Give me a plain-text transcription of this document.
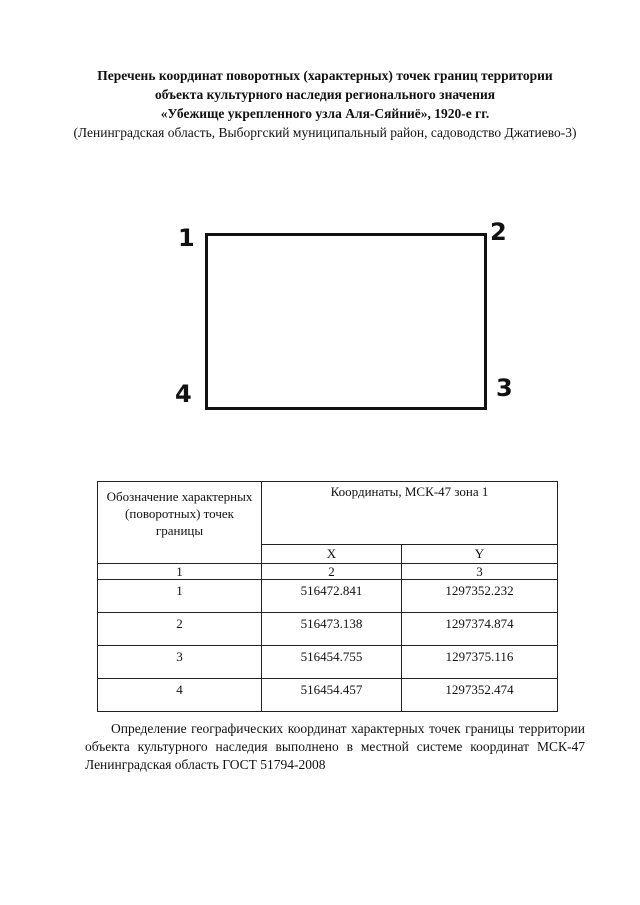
Перечень координат поворотных (характерных) точек границ территории
объекта культурного наследия регионального значения
«Убежище укрепленного узла Аля-Сяйниё», 1920-е гг.
(Ленинградская область, Выборгский муниципальный район, садоводство Джатиево-3)
1	2
3
4
Обозначение характерных (поворотных) точек границы	Координаты, МСК-47 зона 1	
	X	Y
1	2	3
1	516472.841	1297352.232
2	516473.138	1297374.874
3	516454.755	1297375.116
4	516454.457	1297352.474
Определение географических координат характерных точек границы территории объекта культурного наследия выполнено в местной системе координат МСК-47 Ленинградская область ГОСТ 51794-2008
